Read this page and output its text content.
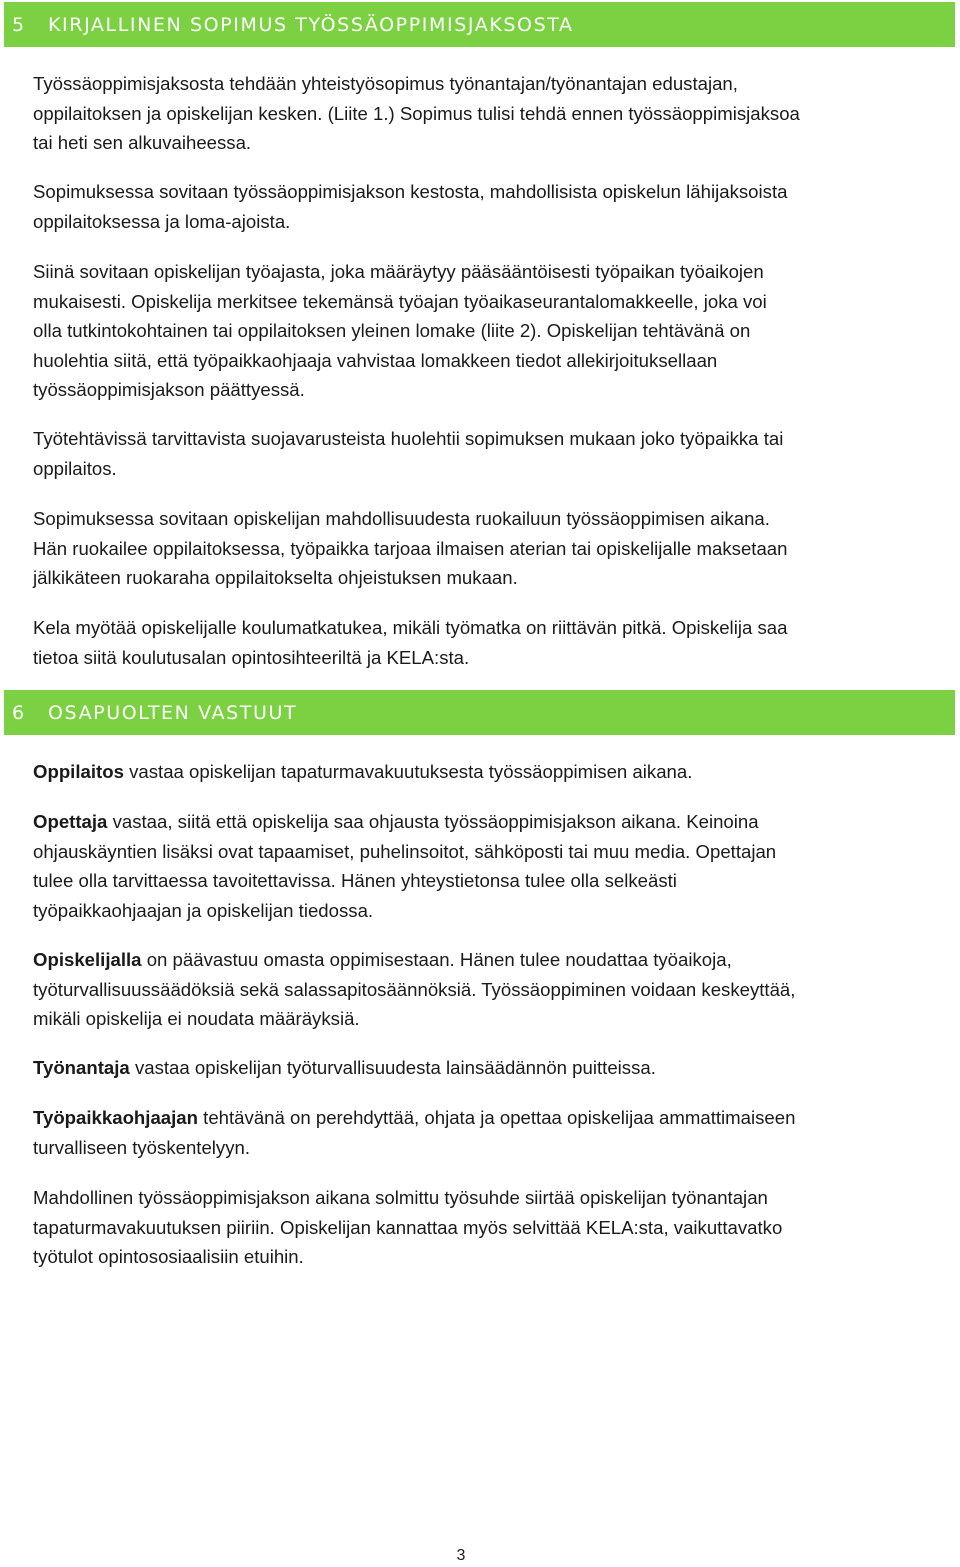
5	KIRJALLINEN SOPIMUS TYÖSSÄOPPIMISJAKSOSTA

Työssäoppimisjaksosta tehdään yhteistyösopimus työnantajan/työnantajan edustajan,
oppilaitoksen ja opiskelijan kesken. (Liite 1.) Sopimus tulisi tehdä ennen työssäoppimisjaksoa
tai heti sen alkuvaiheessa.

Sopimuksessa sovitaan työssäoppimisjakson kestosta, mahdollisista opiskelun lähijaksoista
oppilaitoksessa ja loma-ajoista.

Siinä sovitaan opiskelijan työajasta, joka määräytyy pääsääntöisesti työpaikan työaikojen
mukaisesti. Opiskelija merkitsee tekemänsä työajan työaikaseurantalomakkeelle, joka voi
olla tutkintokohtainen tai oppilaitoksen yleinen lomake (liite 2). Opiskelijan tehtävänä on
huolehtia siitä, että työpaikkaohjaaja vahvistaa lomakkeen tiedot allekirjoituksellaan
työssäoppimisjakson päättyessä.

Työtehtävissä tarvittavista suojavarusteista huolehtii sopimuksen mukaan joko työpaikka tai
oppilaitos.

Sopimuksessa sovitaan opiskelijan mahdollisuudesta ruokailuun työssäoppimisen aikana.
Hän ruokailee oppilaitoksessa, työpaikka tarjoaa ilmaisen aterian tai opiskelijalle maksetaan
jälkikäteen ruokaraha oppilaitokselta ohjeistuksen mukaan.

Kela myötää opiskelijalle koulumatkatukea, mikäli työmatka on riittävän pitkä. Opiskelija saa
tietoa siitä koulutusalan opintosihteeriltä ja KELA:sta.

6	OSAPUOLTEN VASTUUT

Oppilaitos vastaa opiskelijan tapaturmavakuutuksesta työssäoppimisen aikana.

Opettaja vastaa, siitä että opiskelija saa ohjausta työssäoppimisjakson aikana. Keinoina
ohjauskäyntien lisäksi ovat tapaamiset, puhelinsoitot, sähköposti tai muu media. Opettajan
tulee olla tarvittaessa tavoitettavissa. Hänen yhteystietonsa tulee olla selkeästi
työpaikkaohjaajan ja opiskelijan tiedossa.

Opiskelijalla on päävastuu omasta oppimisestaan. Hänen tulee noudattaa työaikoja,
työturvallisuussäädöksiä sekä salassapitosäännöksiä. Työssäoppiminen voidaan keskeyttää,
mikäli opiskelija ei noudata määräyksiä.

Työnantaja vastaa opiskelijan työturvallisuudesta lainsäädännön puitteissa.

Työpaikkaohjaajan tehtävänä on perehdyttää, ohjata ja opettaa opiskelijaa ammattimaiseen
turvalliseen työskentelyyn.

Mahdollinen työssäoppimisjakson aikana solmittu työsuhde siirtää opiskelijan työnantajan
tapaturmavakuutuksen piiriin. Opiskelijan kannattaa myös selvittää KELA:sta, vaikuttavatko
työtulot opintososiaalisiin etuihin.

3
